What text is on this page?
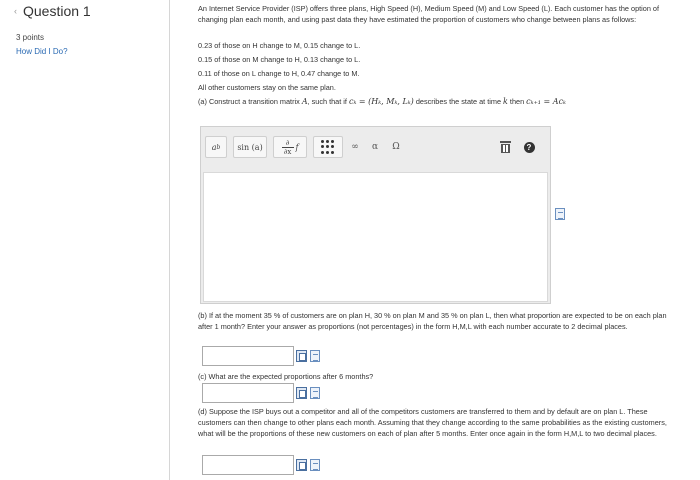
‹ Question 1
3 points
How Did I Do?
An Internet Service Provider (ISP) offers three plans, High Speed (H), Medium Speed (M) and Low Speed (L). Each customer has the option of changing plan each month, and using past data they have estimated the proportion of customers who change between plans as follows:
0.23 of those on H change to M, 0.15 change to L.
0.15 of those on M change to H, 0.13 change to L.
0.11 of those on L change to H, 0.47 change to M.
All other customers stay on the same plan.
(a) Construct a transition matrix A, such that if cₖ = (Hₖ, Mₖ, Lₖ) describes the state at time k then cₖ₊₁ = Acₖ
(b) If at the moment 35 % of customers are on plan H, 30 % on plan M and 35 % on plan L, then what proportion are expected to be on each plan after 1 month? Enter your answer as proportions (not percentages) in the form H,M,L with each number accurate to 2 decimal places.
(c) What are the expected proportions after 6 months?
(d) Suppose the ISP buys out a competitor and all of the competitors customers are transferred to them and by default are on plan L. These customers can then change to other plans each month. Assuming that they change according to the same probabilities as the existing customers, what will be the proportions of these new customers on each of plan after 5 months. Enter once again in the form H,M,L to two decimal places.
a b	sin (a)	$\frac{\partial}{\partial x}$ f	∞	α	Ω	?
